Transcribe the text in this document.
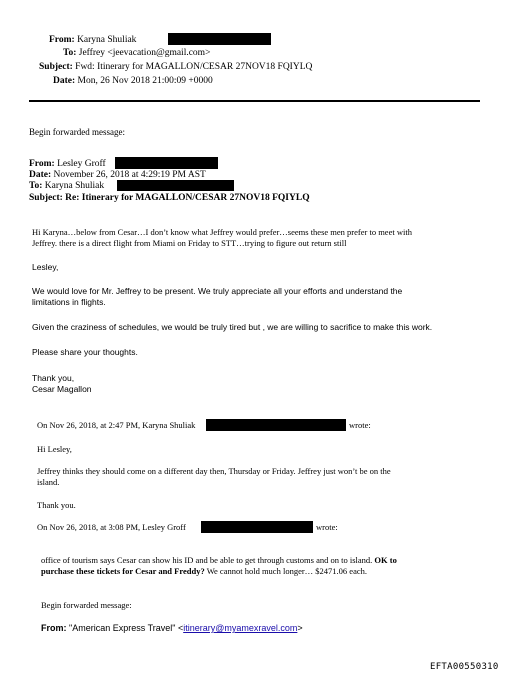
From: Karyna Shuliak
To: Jeffrey <jeevacation@gmail.com>
Subject: Fwd: Itinerary for MAGALLON/CESAR 27NOV18 FQIYLQ
Date: Mon, 26 Nov 2018 21:00:09 +0000
Begin forwarded message:
From: Lesley Groff
Date: November 26, 2018 at 4:29:19 PM AST
To: Karyna Shuliak
Subject: Re: Itinerary for MAGALLON/CESAR 27NOV18 FQIYLQ
Hi Karyna…below from Cesar…I don’t know what Jeffrey would prefer…seems these men prefer to meet with
Jeffrey. there is a direct flight from Miami on Friday to STT…trying to figure out return still
Lesley,
We would love for Mr. Jeffrey to be present. We truly appreciate all your efforts and understand the
limitations in flights.
Given the craziness of schedules, we would be truly tired but , we are willing to sacrifice to make this work.
Please share your thoughts.
Thank you,
Cesar Magallon
On Nov 26, 2018, at 2:47 PM, Karyna Shuliak	wrote:
Hi Lesley,
Jeffrey thinks they should come on a different day then, Thursday or Friday. Jeffrey just won’t be on the
island.
Thank you.
On Nov 26, 2018, at 3:08 PM, Lesley Groff	wrote:
office of tourism says Cesar can show his ID and be able to get through customs and on to island. OK to
purchase these tickets for Cesar and Freddy? We cannot hold much longer… $2471.06 each.
Begin forwarded message:
From: "American Express Travel" <itinerary@myamexravel.com>
EFTA00550310
